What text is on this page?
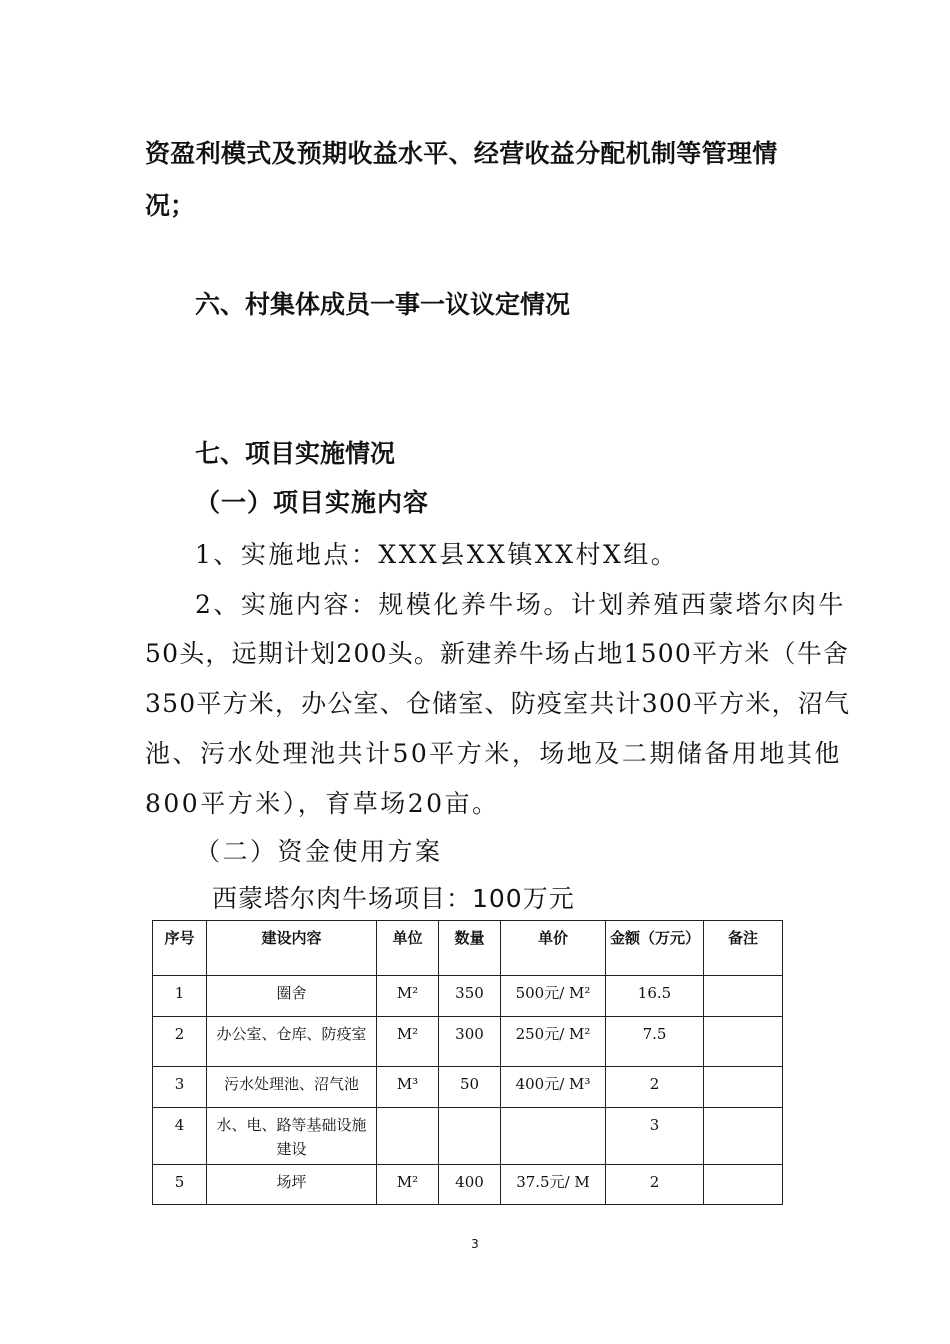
资盈利模式及预期收益水平、经营收益分配机制等管理情
况；
六、村集体成员一事一议议定情况
七、项目实施情况
（一）项目实施内容
1、实施地点：XXX县XX镇XX村X组。
2、实施内容：规模化养牛场。计划养殖西蒙塔尔肉牛
50头，远期计划200头。新建养牛场占地1500平方米（牛舍
350平方米，办公室、仓储室、防疫室共计300平方米，沼气
池、污水处理池共计50平方米，场地及二期储备用地其他
800平方米），育草场20亩。
（二）资金使用方案
西蒙塔尔肉牛场项目：100万元
序号	建设内容	单位	数量	单价	金额（万元）	备注
1	圈舍	M²	350	500元/ M²	16.5	
2	办公室、仓库、防疫室	M²	300	250元/ M²	7.5	
3	污水处理池、沼气池	M³	50	400元/ M³	2	
4	水、电、路等基础设施建设				3	
5	场坪	M²	400	37.5元/ M	2	
3
